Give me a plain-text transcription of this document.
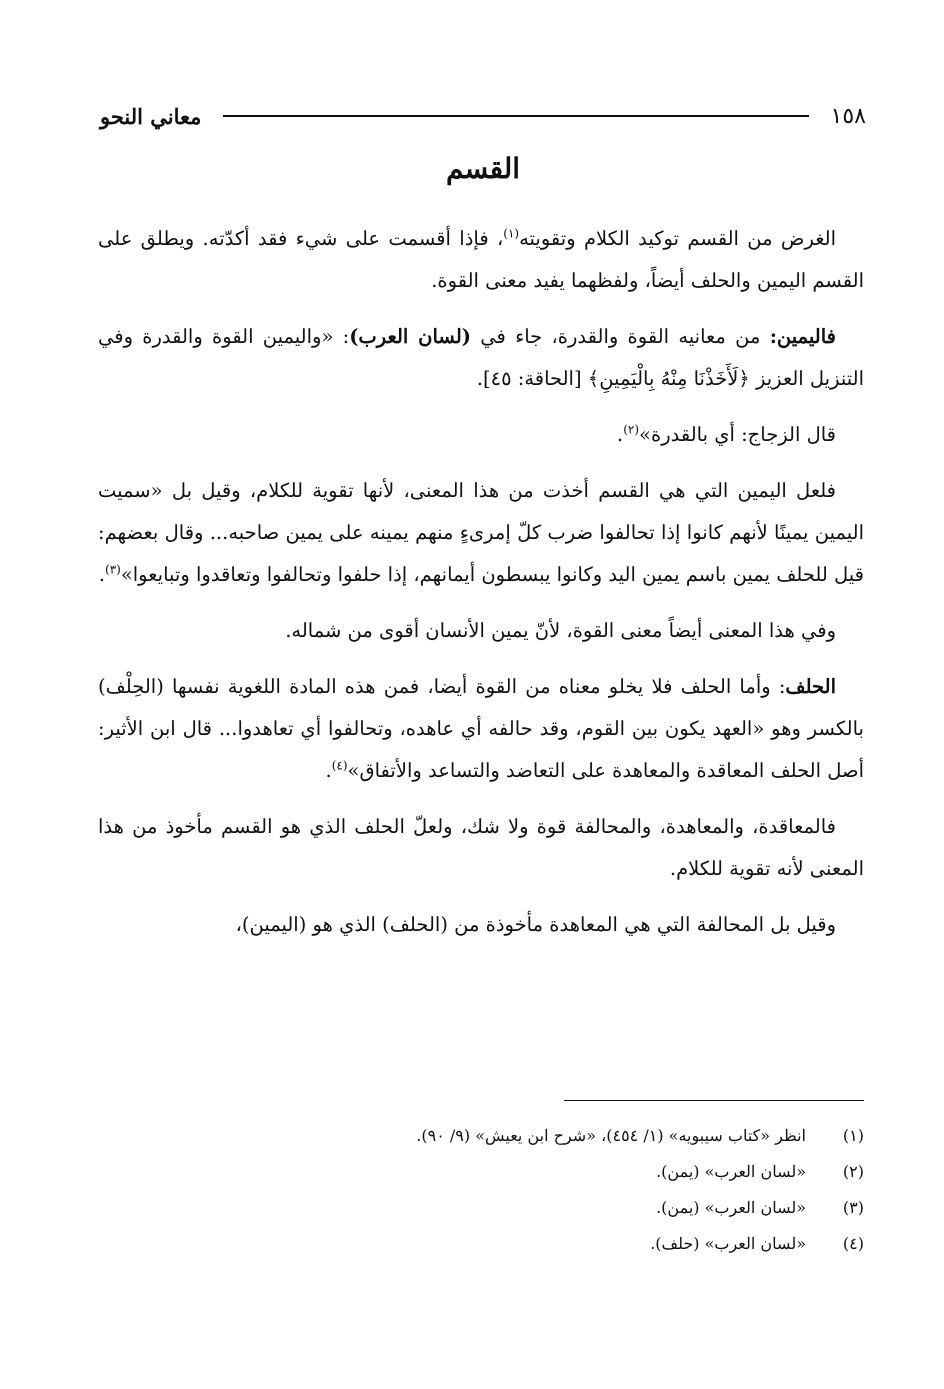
معاني النحو	١٥٨
القسم

الغرض من القسم توكيد الكلام وتقويته$^{(١)}$، فإذا أقسمت على شيء فقد أكدّته. ويطلق على القسم اليمين والحلف أيضاً، ولفظهما يفيد معنى القوة.

فاليمين: من معانيه القوة والقدرة، جاء في (لسان العرب): «واليمين القوة والقدرة وفي التنزيل العزيز ﴿لَأَخَذْنَا مِنْهُ بِالْيَمِينِ﴾ [الحاقة: ٤٥].

قال الزجاج: أي بالقدرة»$^{(٢)}$.

فلعل اليمين التي هي القسم أخذت من هذا المعنى، لأنها تقوية للكلام، وقيل بل «سميت اليمين يمينًا لأنهم كانوا إذا تحالفوا ضرب كلّ إمرىءٍ منهم يمينه على يمين صاحبه... وقال بعضهم: قيل للحلف يمين باسم يمين اليد وكانوا يبسطون أيمانهم، إذا حلفوا وتحالفوا وتعاقدوا وتبايعوا»$^{(٣)}$.

وفي هذا المعنى أيضاً معنى القوة، لأنّ يمين الأنسان أقوى من شماله.

الحلف: وأما الحلف فلا يخلو معناه من القوة أيضا، فمن هذه المادة اللغوية نفسها (الحِلْف) بالكسر وهو «العهد يكون بين القوم، وقد حالفه أي عاهده، وتحالفوا أي تعاهدوا... قال ابن الأثير: أصل الحلف المعاقدة والمعاهدة على التعاضد والتساعد والأتفاق»$^{(٤)}$.

فالمعاقدة، والمعاهدة، والمحالفة قوة ولا شك، ولعلّ الحلف الذي هو القسم مأخوذ من هذا المعنى لأنه تقوية للكلام.

وقيل بل المحالفة التي هي المعاهدة مأخوذة من (الحلف) الذي هو (اليمين)،

(١)
انظر «كتاب سيبويه» (١/ ٤٥٤)، «شرح ابن يعيش» (٩/ ٩٠).
(٢)
«لسان العرب» (يمن).
(٣)
«لسان العرب» (يمن).
(٤)
«لسان العرب» (حلف).
